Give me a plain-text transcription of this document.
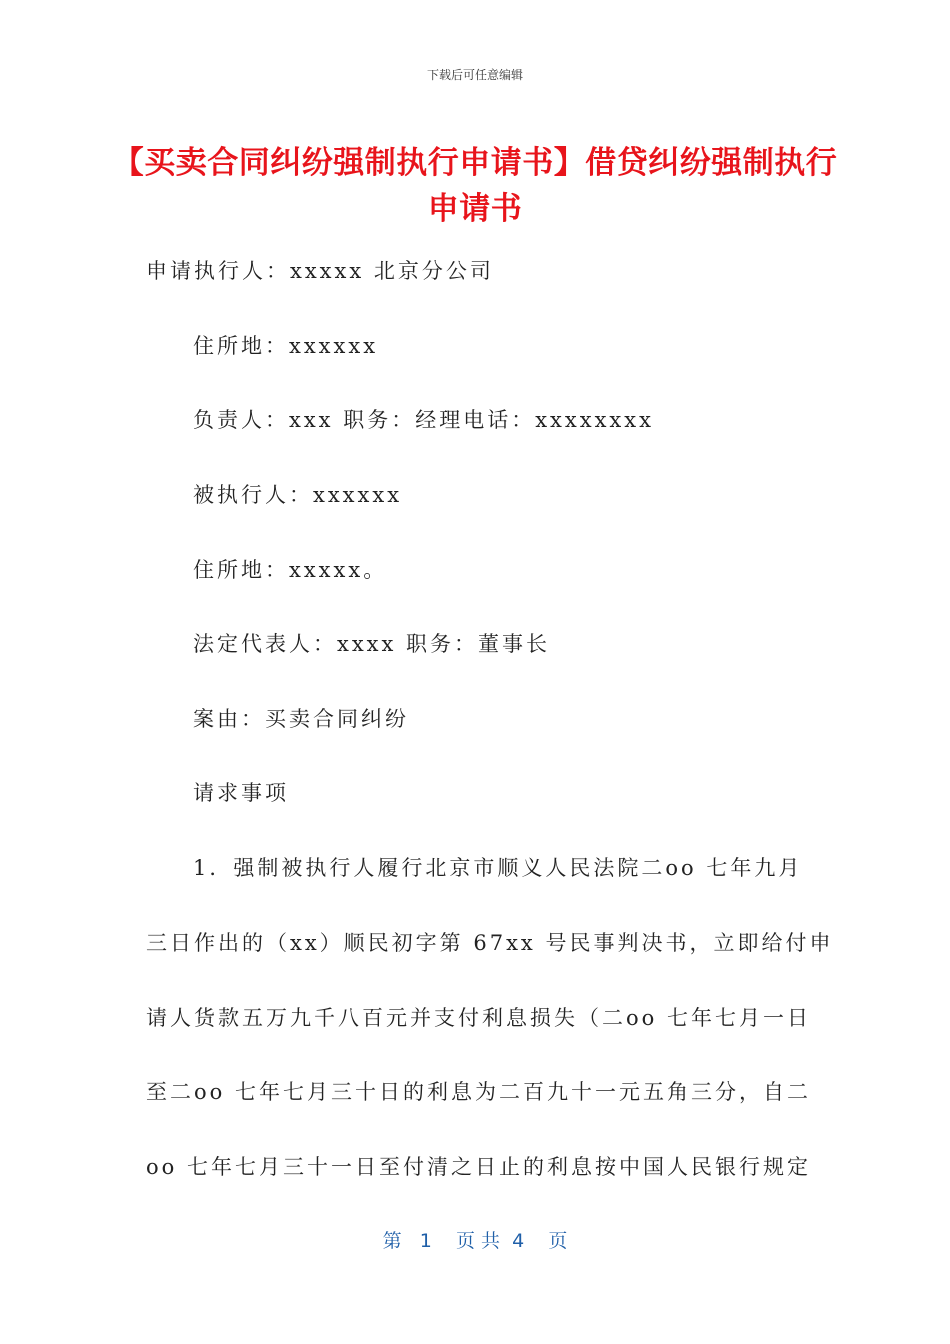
下载后可任意编辑
【买卖合同纠纷强制执行申请书】借贷纠纷强制执行申请书
申请执行人：xxxxx 北京分公司
住所地：xxxxxx
负责人：xxx 职务：经理电话：xxxxxxxx
被执行人：xxxxxx
住所地：xxxxx。
法定代表人：xxxx 职务：董事长
案由：买卖合同纠纷
请求事项
1．强制被执行人履行北京市顺义人民法院二oo 七年九月
三日作出的（xx）顺民初字第 67xx 号民事判决书，立即给付申
请人货款五万九千八百元并支付利息损失（二oo 七年七月一日
至二oo 七年七月三十日的利息为二百九十一元五角三分，自二
oo 七年七月三十一日至付清之日止的利息按中国人民银行规定
第   1    页 共  4    页
